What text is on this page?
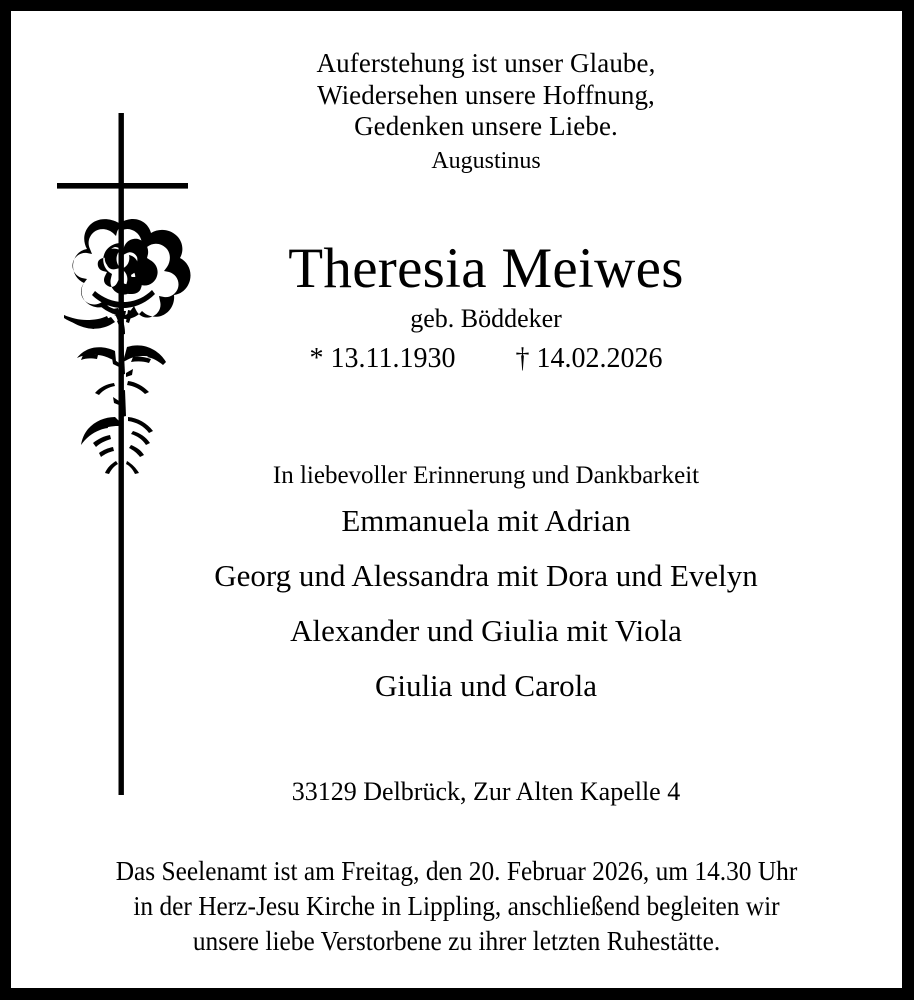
Auferstehung ist unser Glaube,
Wiedersehen unsere Hoffnung,
Gedenken unsere Liebe.
Augustinus
Theresia Meiwes
geb. Böddeker
* 13.11.1930 † 14.02.2026
In liebevoller Erinnerung und Dankbarkeit
Emmanuela mit Adrian
Georg und Alessandra mit Dora und Evelyn
Alexander und Giulia mit Viola
Giulia und Carola
33129 Delbrück, Zur Alten Kapelle 4
Das Seelenamt ist am Freitag, den 20. Februar 2026, um 14.30 Uhr
in der Herz-Jesu Kirche in Lippling, anschließend begleiten wir
unsere liebe Verstorbene zu ihrer letzten Ruhestätte.
